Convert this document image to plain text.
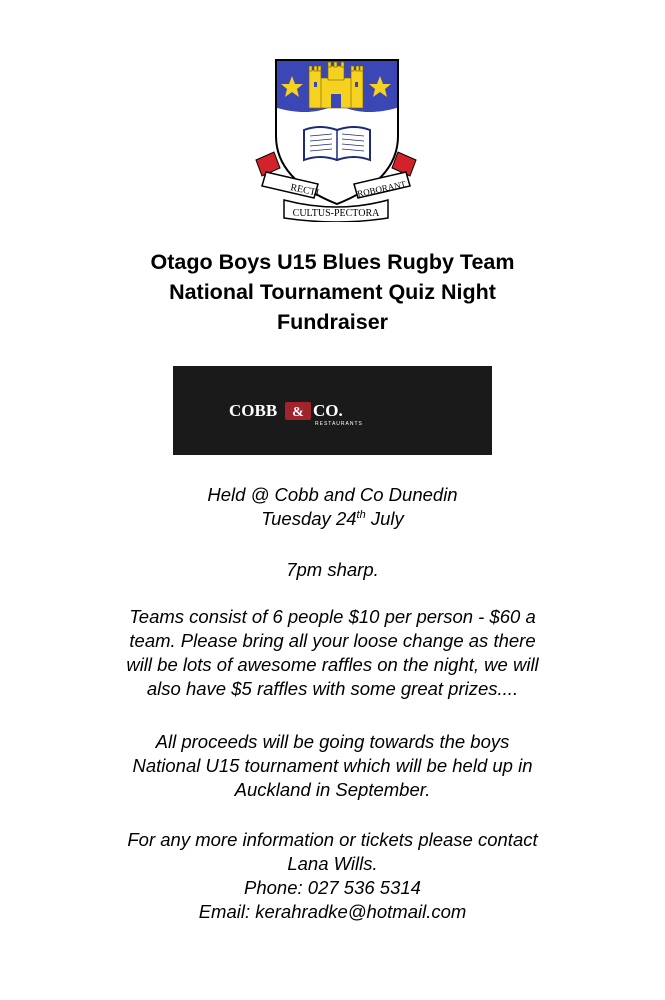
RECTI	ROBORANT
CULTUS-PECTORA
Otago Boys U15 Blues Rugby Team
National Tournament Quiz Night
Fundraiser
COBB & CO.
RESTAURANTS
Held @ Cobb and Co Dunedin
Tuesday 24th July
7pm sharp.
Teams consist of 6 people $10 per person - $60 a
team. Please bring all your loose change as there
will be lots of awesome raffles on the night, we will
also have $5 raffles with some great prizes....
All proceeds will be going towards the boys
National U15 tournament which will be held up in
Auckland in September.
For any more information or tickets please contact
Lana Wills.
Phone: 027 536 5314
Email: kerahradke@hotmail.com
